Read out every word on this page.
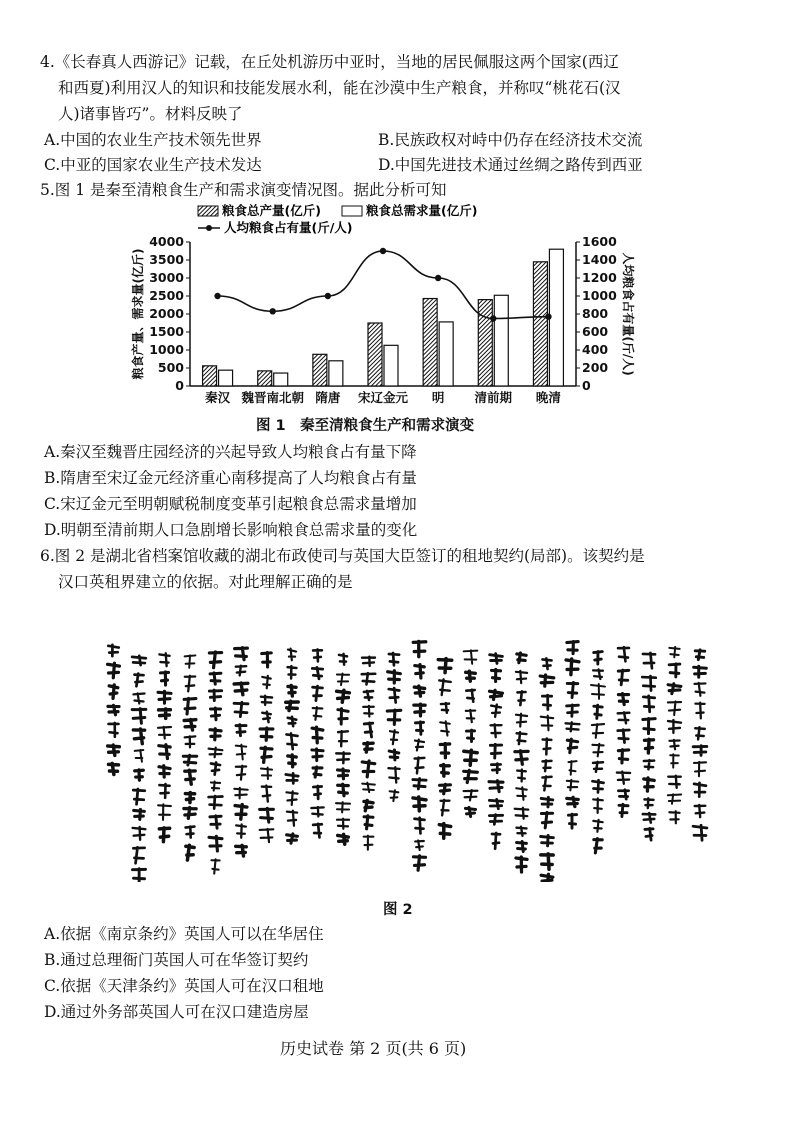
4.《长春真人西游记》记载，在丘处机游历中亚时，当地的居民佩服这两个国家(西辽
和西夏)利用汉人的知识和技能发展水利，能在沙漠中生产粮食，并称叹“桃花石(汉
人)诸事皆巧”。材料反映了
A.中国的农业生产技术领先世界	B.民族政权对峙中仍存在经济技术交流
C.中亚的国家农业生产技术发达	D.中国先进技术通过丝绸之路传到西亚
5.图 1 是秦至清粮食生产和需求演变情况图。据此分析可知
粮食总产量(亿斤)	粮食总需求量(亿斤)
人均粮食占有量(斤/人)
0
500
1000
1500
2000
2500
3000
3500
4000
0
200
400
600
800
1000
1200
1400
1600
秦汉 魏晋南北朝 隋唐 宋辽金元 明 清前期 晚清
粮食产量、需求量(亿斤)	人均粮食占有量(斤/人)
图 1　秦至清粮食生产和需求演变
A.秦汉至魏晋庄园经济的兴起导致人均粮食占有量下降
B.隋唐至宋辽金元经济重心南移提高了人均粮食占有量
C.宋辽金元至明朝赋税制度变革引起粮食总需求量增加
D.明朝至清前期人口急剧增长影响粮食总需求量的变化
6.图 2 是湖北省档案馆收藏的湖北布政使司与英国大臣签订的租地契约(局部)。该契约是
汉口英租界建立的依据。对此理解正确的是
图 2
A.依据《南京条约》英国人可以在华居住
B.通过总理衙门英国人可在华签订契约
C.依据《天津条约》英国人可在汉口租地
D.通过外务部英国人可在汉口建造房屋
历史试卷 第 2 页(共 6 页)
